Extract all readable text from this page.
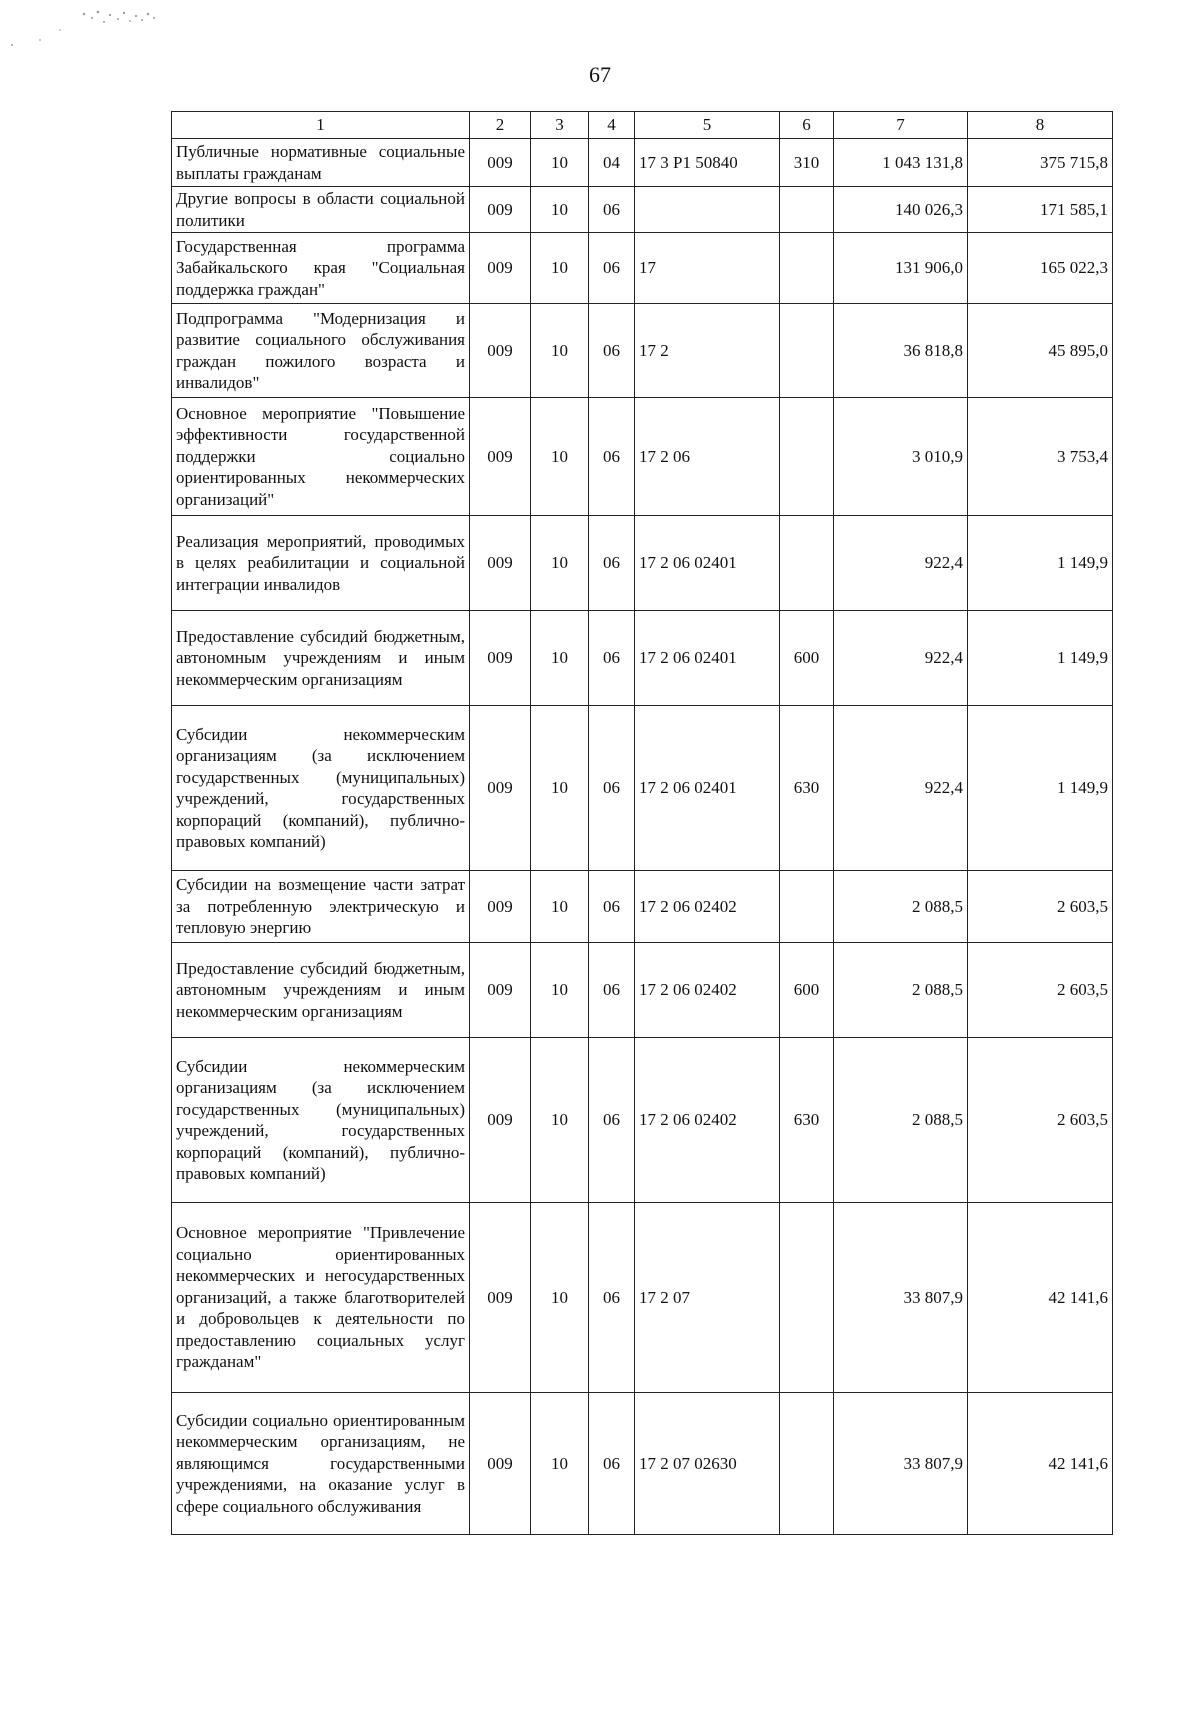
67
1	2	3	4	5	6	7	8
Публичные нормативные социальные выплаты гражданам	009	10	04	17 3 P1 50840	310	1 043 131,8	375 715,8
Другие вопросы в области социальной политики	009	10	06			140 026,3	171 585,1
Государственная программа Забайкальского края "Социальная поддержка граждан"	009	10	06	17		131 906,0	165 022,3
Подпрограмма "Модернизация и развитие социального обслуживания граждан пожилого возраста и инвалидов"	009	10	06	17 2		36 818,8	45 895,0
Основное мероприятие "Повышение эффективности государственной поддержки социально ориентированных некоммерческих организаций"	009	10	06	17 2 06		3 010,9	3 753,4
Реализация мероприятий, проводимых в целях реабилитации и социальной интеграции инвалидов	009	10	06	17 2 06 02401		922,4	1 149,9
Предоставление субсидий бюджетным, автономным учреждениям и иным некоммерческим организациям	009	10	06	17 2 06 02401	600	922,4	1 149,9
Субсидии некоммерческим организациям (за исключением государственных (муниципальных) учреждений, государственных корпораций (компаний), публично-правовых компаний)	009	10	06	17 2 06 02401	630	922,4	1 149,9
Субсидии на возмещение части затрат за потребленную электрическую и тепловую энергию	009	10	06	17 2 06 02402		2 088,5	2 603,5
Предоставление субсидий бюджетным, автономным учреждениям и иным некоммерческим организациям	009	10	06	17 2 06 02402	600	2 088,5	2 603,5
Субсидии некоммерческим организациям (за исключением государственных (муниципальных) учреждений, государственных корпораций (компаний), публично-правовых компаний)	009	10	06	17 2 06 02402	630	2 088,5	2 603,5
Основное мероприятие "Привлечение социально ориентированных некоммерческих и негосударственных организаций, а также благотворителей и добровольцев к деятельности по предоставлению социальных услуг гражданам"	009	10	06	17 2 07		33 807,9	42 141,6
Субсидии социально ориентированным некоммерческим организациям, не являющимся государственными учреждениями, на оказание услуг в сфере социального обслуживания	009	10	06	17 2 07 02630		33 807,9	42 141,6
